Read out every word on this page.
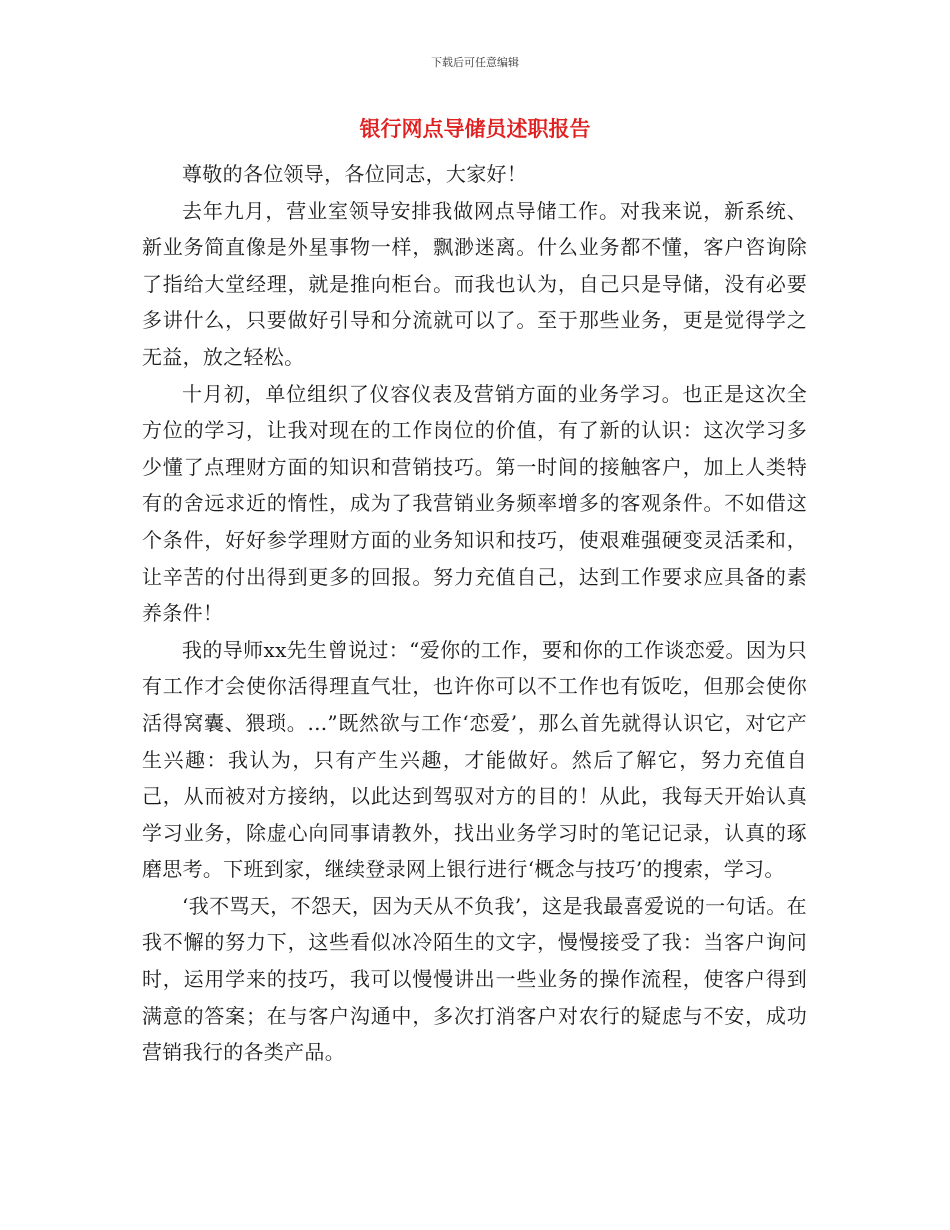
下载后可任意编辑
银行网点导储员述职报告

尊敬的各位领导，各位同志，大家好！

去年九月，营业室领导安排我做网点导储工作。对我来说，新系统、新业务简直像是外星事物一样，飘渺迷离。什么业务都不懂，客户咨询除了指给大堂经理，就是推向柜台。而我也认为，自己只是导储，没有必要多讲什么，只要做好引导和分流就可以了。至于那些业务，更是觉得学之无益，放之轻松。

十月初，单位组织了仪容仪表及营销方面的业务学习。也正是这次全方位的学习，让我对现在的工作岗位的价值，有了新的认识：这次学习多少懂了点理财方面的知识和营销技巧。第一时间的接触客户，加上人类特有的舍远求近的惰性，成为了我营销业务频率增多的客观条件。不如借这个条件，好好参学理财方面的业务知识和技巧，使艰难强硬变灵活柔和，让辛苦的付出得到更多的回报。努力充值自己，达到工作要求应具备的素养条件！

我的导师xx先生曾说过：“爱你的工作，要和你的工作谈恋爱。因为只有工作才会使你活得理直气壮，也许你可以不工作也有饭吃，但那会使你活得窝囊、猥琐。...”既然欲与工作‘恋爱’，那么首先就得认识它，对它产生兴趣：我认为，只有产生兴趣，才能做好。然后了解它，努力充值自己，从而被对方接纳，以此达到驾驭对方的目的！从此，我每天开始认真学习业务，除虚心向同事请教外，找出业务学习时的笔记记录，认真的琢磨思考。下班到家，继续登录网上银行进行‘概念与技巧’的搜索，学习。

‘我不骂天，不怨天，因为天从不负我’，这是我最喜爱说的一句话。在我不懈的努力下，这些看似冰冷陌生的文字，慢慢接受了我：当客户询问时，运用学来的技巧，我可以慢慢讲出一些业务的操作流程，使客户得到满意的答案；在与客户沟通中，多次打消客户对农行的疑虑与不安，成功营销我行的各类产品。
